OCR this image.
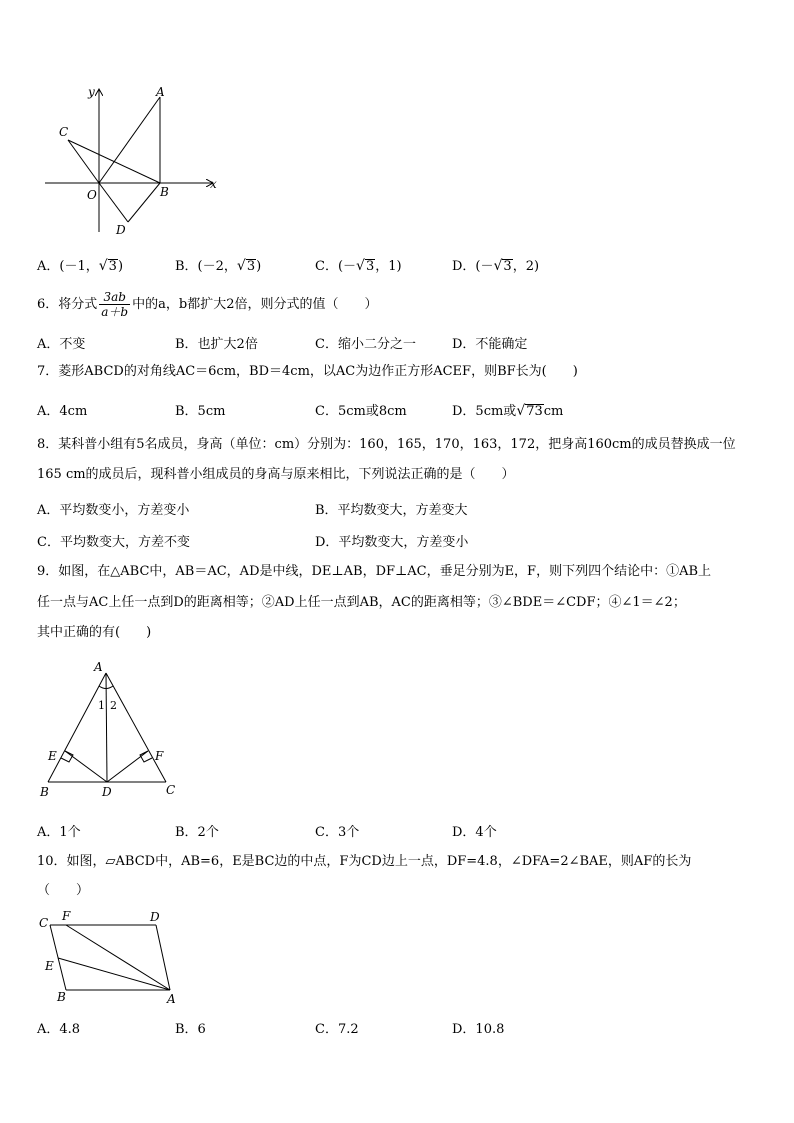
y	A
C
x
O	B
D
A．(－1，√3)	B．(－2，√3)	C．(－√3，1)	D．(－√3，2)
6．将分式 $\frac{3ab}{a+b}$ 中的a，b都扩大2倍，则分式的值（　　）
A．不变	B．也扩大2倍	C．缩小二分之一	D．不能确定
7．菱形ABCD的对角线AC＝6cm，BD＝4cm，以AC为边作正方形ACEF，则BF长为(　　)
A．4cm	B．5cm	C．5cm或8cm	D．5cm或√73cm
8．某科普小组有5名成员，身高（单位：cm）分别为：160，165，170，163，172，把身高160cm的成员替换成一位
165 cm的成员后，现科普小组成员的身高与原来相比，下列说法正确的是（　　）
A．平均数变小，方差变小	B．平均数变大，方差变大
C．平均数变大，方差不变	D．平均数变大，方差变小
9．如图，在△ABC中，AB＝AC，AD是中线，DE⊥AB，DF⊥AC，垂足分别为E，F，则下列四个结论中：①AB上
任一点与AC上任一点到D的距离相等；②AD上任一点到AB，AC的距离相等；③∠BDE＝∠CDF；④∠1＝∠2；
其中正确的有(　　)
A
1 2
E	F
B	D	C
A．1个	B．2个	C．3个	D．4个
10．如图，▱ABCD中，AB=6，E是BC边的中点，F为CD边上一点，DF=4.8，∠DFA=2∠BAE，则AF的长为
（　　）
C F	D
E
B	A
A．4.8	B．6	C．7.2	D．10.8
